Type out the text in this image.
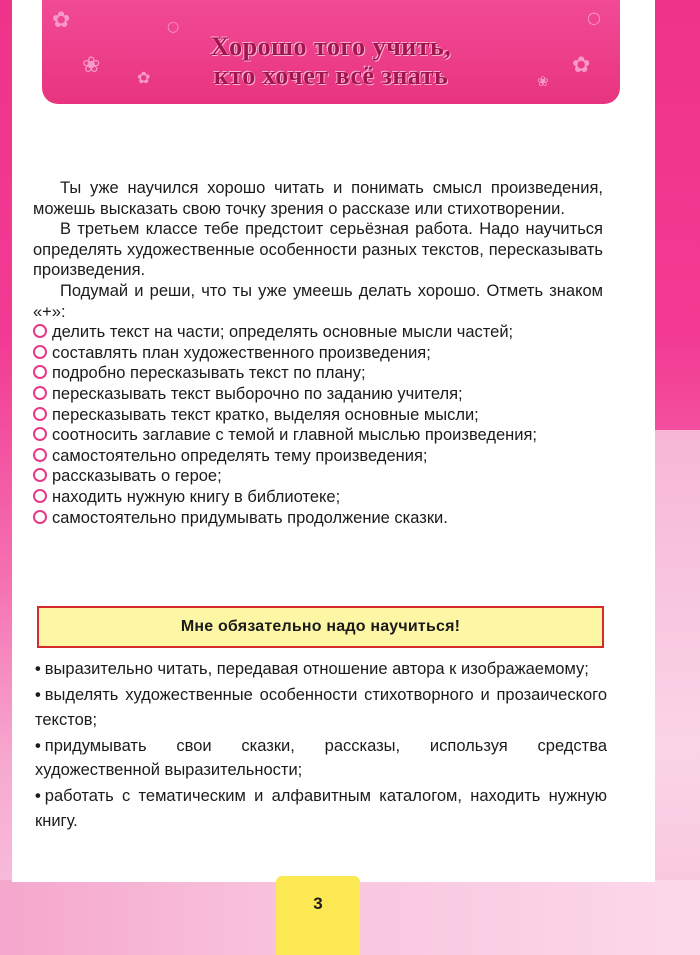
✿
❀ ✿
○
✿
○
❀
Хорошо того учить,
кто хочет всё знать

Ты уже научился хорошо читать и понимать смысл произведения, можешь высказать свою точку зрения о рассказе или стихотворении.

В третьем классе тебе предстоит серьёзная работа. Надо научиться определять художественные особенности разных текстов, пересказывать произведения.

Подумай и реши, что ты уже умеешь делать хорошо. Отметь знаком «+»:

делить текст на части; определять основные мысли частей;
составлять план художественного произведения;
подробно пересказывать текст по плану;
пересказывать текст выборочно по заданию учителя;
пересказывать текст кратко, выделяя основные мысли;
соотносить заглавие с темой и главной мыслью произведения;
самостоятельно определять тему произведения;
рассказывать о герое;
находить нужную книгу в библиотеке;
самостоятельно придумывать продолжение сказки.
Мне обязательно надо научиться!
• выразительно читать, передавая отношение автора к изображаемому;
• выделять художественные особенности стихотворного и прозаического текстов;
• придумывать свои сказки, рассказы, используя средства художественной выразительности;
• работать с тематическим и алфавитным каталогом, находить нужную книгу.
3
